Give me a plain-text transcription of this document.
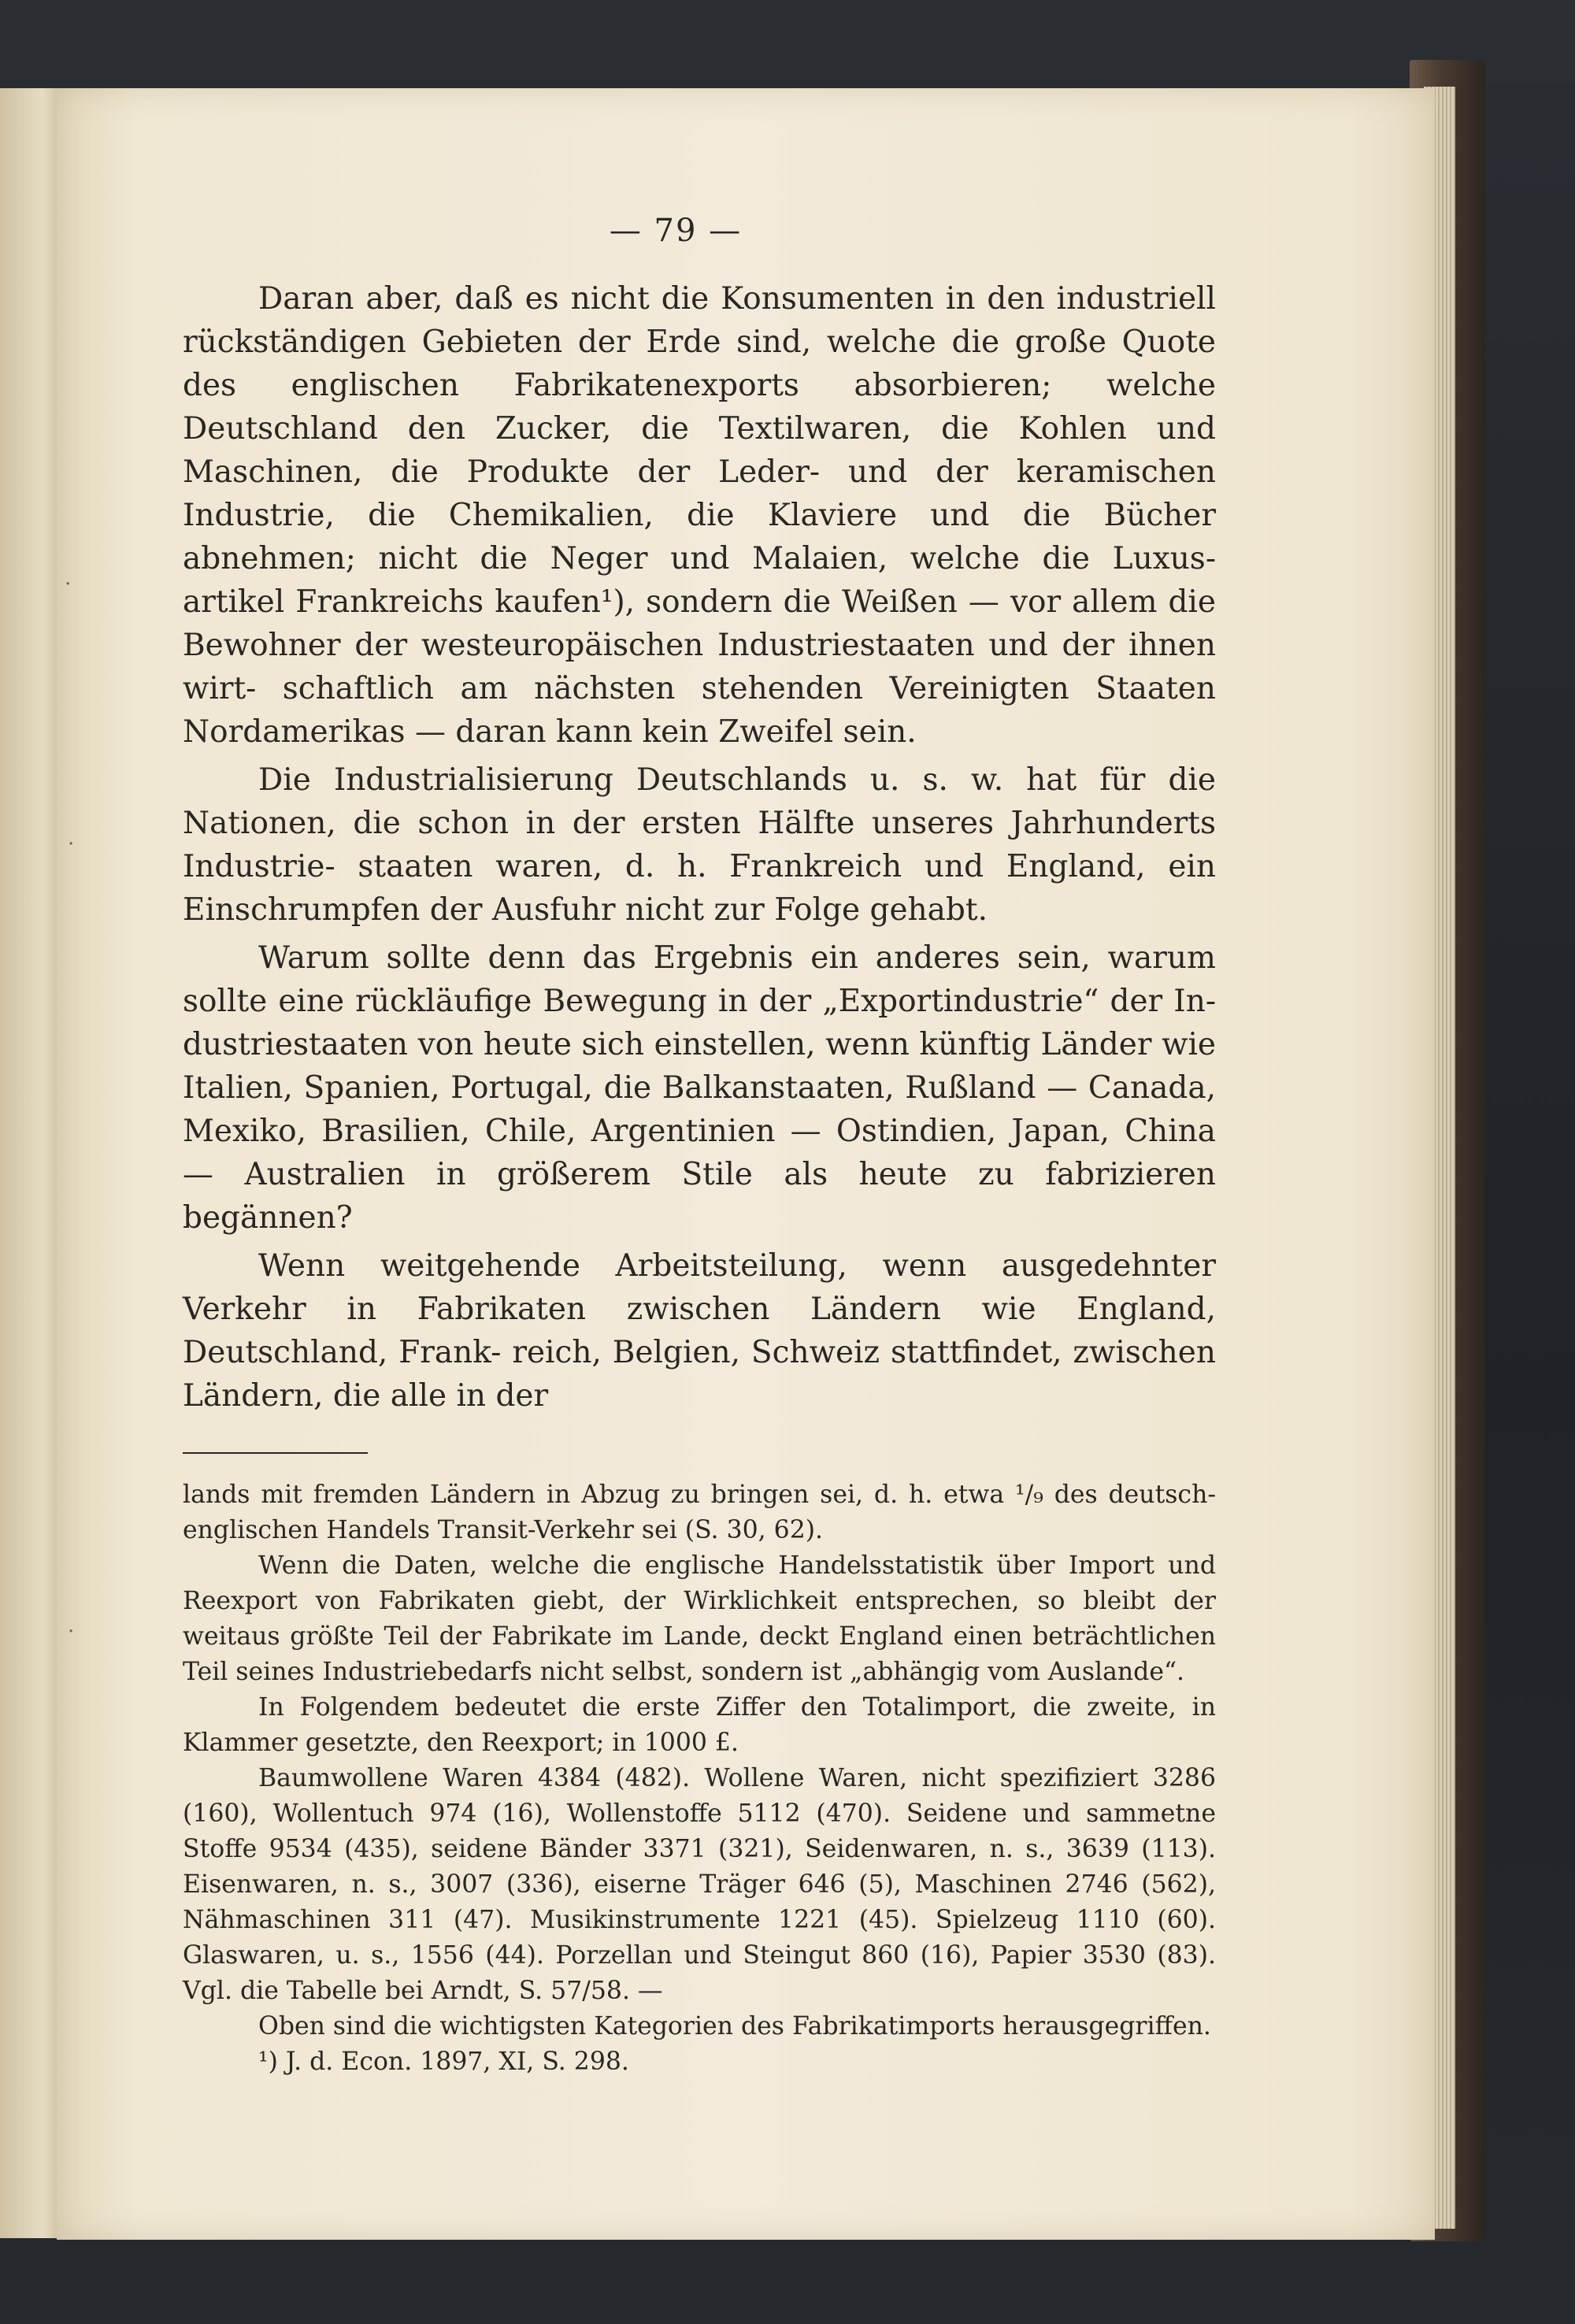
·
·
·
— 79 —

Daran aber, daß es nicht die Konsumenten in den industriell rückständigen Gebieten der Erde sind, welche die große Quote des englischen Fabrikatenexports absorbieren; welche Deutschland den Zucker, die Textilwaren, die Kohlen und Maschinen, die Produkte der Leder- und der keramischen Industrie, die Chemikalien, die Klaviere und die Bücher abnehmen; nicht die Neger und Malaien, welche die Luxus- artikel Frankreichs kaufen¹), sondern die Weißen — vor allem die Bewohner der westeuropäischen Industriestaaten und der ihnen wirt- schaftlich am nächsten stehenden Vereinigten Staaten Nordamerikas — daran kann kein Zweifel sein.

Die Industrialisierung Deutschlands u. s. w. hat für die Nationen, die schon in der ersten Hälfte unseres Jahrhunderts Industrie- staaten waren, d. h. Frankreich und England, ein Einschrumpfen der Ausfuhr nicht zur Folge gehabt.

Warum sollte denn das Ergebnis ein anderes sein, warum sollte eine rückläufige Bewegung in der „Exportindustrie“ der In- dustriestaaten von heute sich einstellen, wenn künftig Länder wie Italien, Spanien, Portugal, die Balkanstaaten, Rußland — Canada, Mexiko, Brasilien, Chile, Argentinien — Ostindien, Japan, China — Australien in größerem Stile als heute zu fabrizieren begännen?

Wenn weitgehende Arbeitsteilung, wenn ausgedehnter Verkehr in Fabrikaten zwischen Ländern wie England, Deutschland, Frank- reich, Belgien, Schweiz stattfindet, zwischen Ländern, die alle in der

lands mit fremden Ländern in Abzug zu bringen sei, d. h. etwa ¹/₉ des deutsch- englischen Handels Transit-Verkehr sei (S. 30, 62).

Wenn die Daten, welche die englische Handelsstatistik über Import und Reexport von Fabrikaten giebt, der Wirklichkeit entsprechen, so bleibt der weitaus größte Teil der Fabrikate im Lande, deckt England einen beträchtlichen Teil seines Industriebedarfs nicht selbst, sondern ist „abhängig vom Auslande“.

In Folgendem bedeutet die erste Ziffer den Totalimport, die zweite, in Klammer gesetzte, den Reexport; in 1000 £.

Baumwollene Waren 4384 (482). Wollene Waren, nicht spezifiziert 3286 (160), Wollentuch 974 (16), Wollenstoffe 5112 (470). Seidene und sammetne Stoffe 9534 (435), seidene Bänder 3371 (321), Seidenwaren, n. s., 3639 (113). Eisenwaren, n. s., 3007 (336), eiserne Träger 646 (5), Maschinen 2746 (562), Nähmaschinen 311 (47). Musikinstrumente 1221 (45). Spielzeug 1110 (60). Glaswaren, u. s., 1556 (44). Porzellan und Steingut 860 (16), Papier 3530 (83). Vgl. die Tabelle bei Arndt, S. 57/58. —

Oben sind die wichtigsten Kategorien des Fabrikatimports herausgegriffen.

¹) J. d. Econ. 1897, XI, S. 298.
